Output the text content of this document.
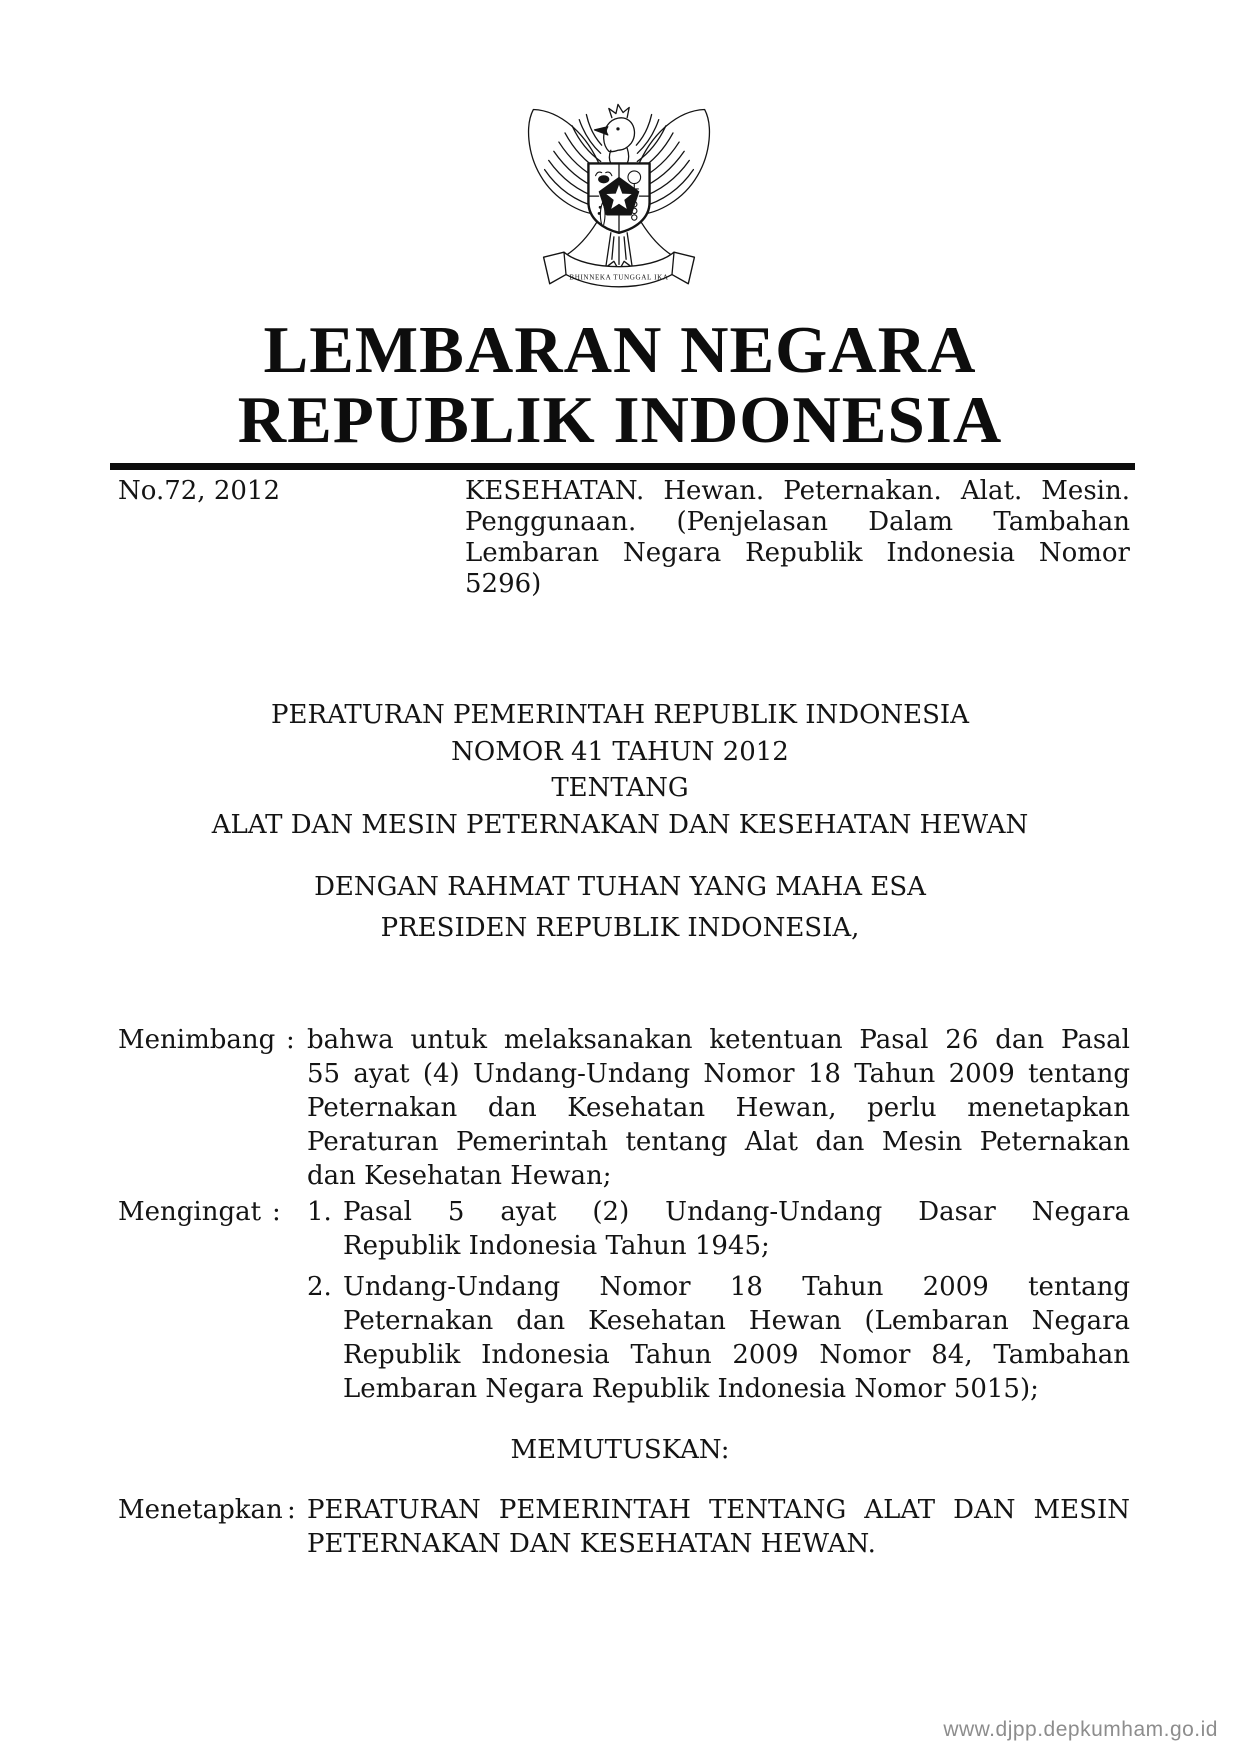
BHINNEKA TUNGGAL IKA
LEMBARAN NEGARA
REPUBLIK INDONESIA
No.72, 2012	KESEHATAN. Hewan. Peternakan. Alat. Mesin.
Penggunaan. (Penjelasan Dalam Tambahan
Lembaran Negara Republik Indonesia Nomor
5296)
PERATURAN PEMERINTAH REPUBLIK INDONESIA
NOMOR 41 TAHUN 2012
TENTANG
ALAT DAN MESIN PETERNAKAN DAN KESEHATAN HEWAN
DENGAN RAHMAT TUHAN YANG MAHA ESA
PRESIDEN REPUBLIK INDONESIA,
Menimbang : bahwa untuk melaksanakan ketentuan Pasal 26 dan Pasal
55 ayat (4) Undang-Undang Nomor 18 Tahun 2009 tentang
Peternakan dan Kesehatan Hewan, perlu menetapkan
Peraturan Pemerintah tentang Alat dan Mesin Peternakan
dan Kesehatan Hewan;
Mengingat : 1. Pasal 5 ayat (2) Undang-Undang Dasar Negara
Republik Indonesia Tahun 1945;
2. Undang-Undang Nomor 18 Tahun 2009 tentang
Peternakan dan Kesehatan Hewan (Lembaran Negara
Republik Indonesia Tahun 2009 Nomor 84, Tambahan
Lembaran Negara Republik Indonesia Nomor 5015);
MEMUTUSKAN:
Menetapkan : PERATURAN PEMERINTAH TENTANG ALAT DAN MESIN
PETERNAKAN DAN KESEHATAN HEWAN.
www.djpp.depkumham.go.id
